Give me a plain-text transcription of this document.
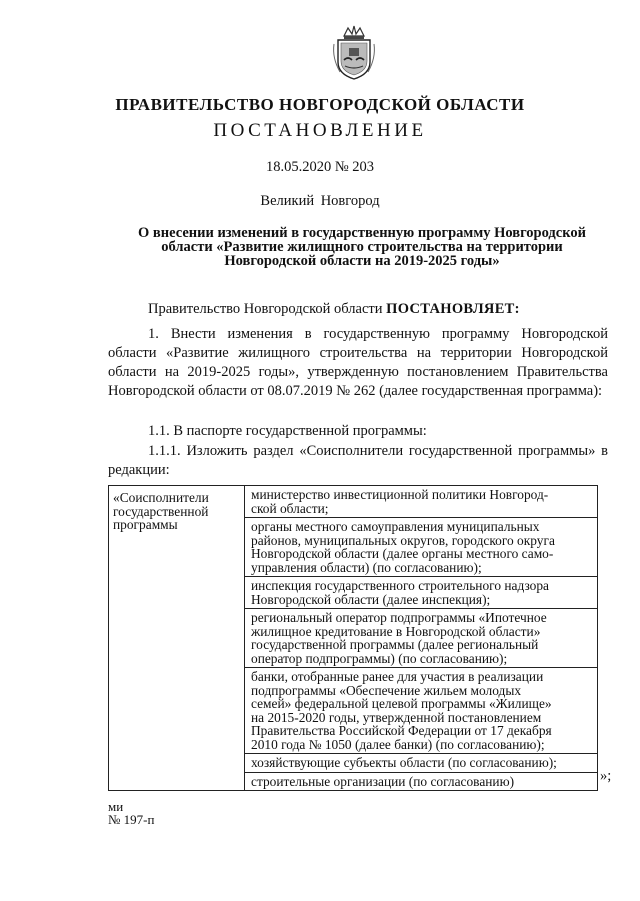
ПРАВИТЕЛЬСТВО НОВГОРОДСКОЙ ОБЛАСТИ
ПОСТАНОВЛЕНИЕ
18.05.2020 № 203
Великий Новгород
О внесении изменений в государственную программу Новгородской
области «Развитие жилищного строительства на территории
Новгородской области на 2019-2025 годы»
Правительство Новгородской области ПОСТАНОВЛЯЕТ:
1. Внести изменения в государственную программу Новгородской области «Развитие жилищного строительства на территории Новгородской области на 2019-2025 годы», утвержденную постановлением Правительства Новгородской области от 08.07.2019 № 262 (далее государственная программа):
1.1. В паспорте государственной программы:
1.1.1. Изложить раздел «Соисполнители государственной программы» в редакции:
«Соисполнители
государственной
программы

министерство инвестиционной политики Новгород-
ской области;
органы местного самоуправления муниципальных
районов, муниципальных округов, городского округа
Новгородской области (далее органы местного само-
управления области) (по согласованию);
инспекция государственного строительного надзора
Новгородской области (далее инспекция);
региональный оператор подпрограммы «Ипотечное
жилищное кредитование в Новгородской области»
государственной программы (далее региональный
оператор подпрограммы) (по согласованию);
банки, отобранные ранее для участия в реализации
подпрограммы «Обеспечение жильем молодых
семей» федеральной целевой программы «Жилище»
на 2015-2020 годы, утвержденной постановлением
Правительства Российской Федерации от 17 декабря
2010 года № 1050 (далее банки) (по согласованию);
хозяйствующие субъекты области (по согласованию);
строительные организации (по согласованию)	»;
ми
№ 197-п
